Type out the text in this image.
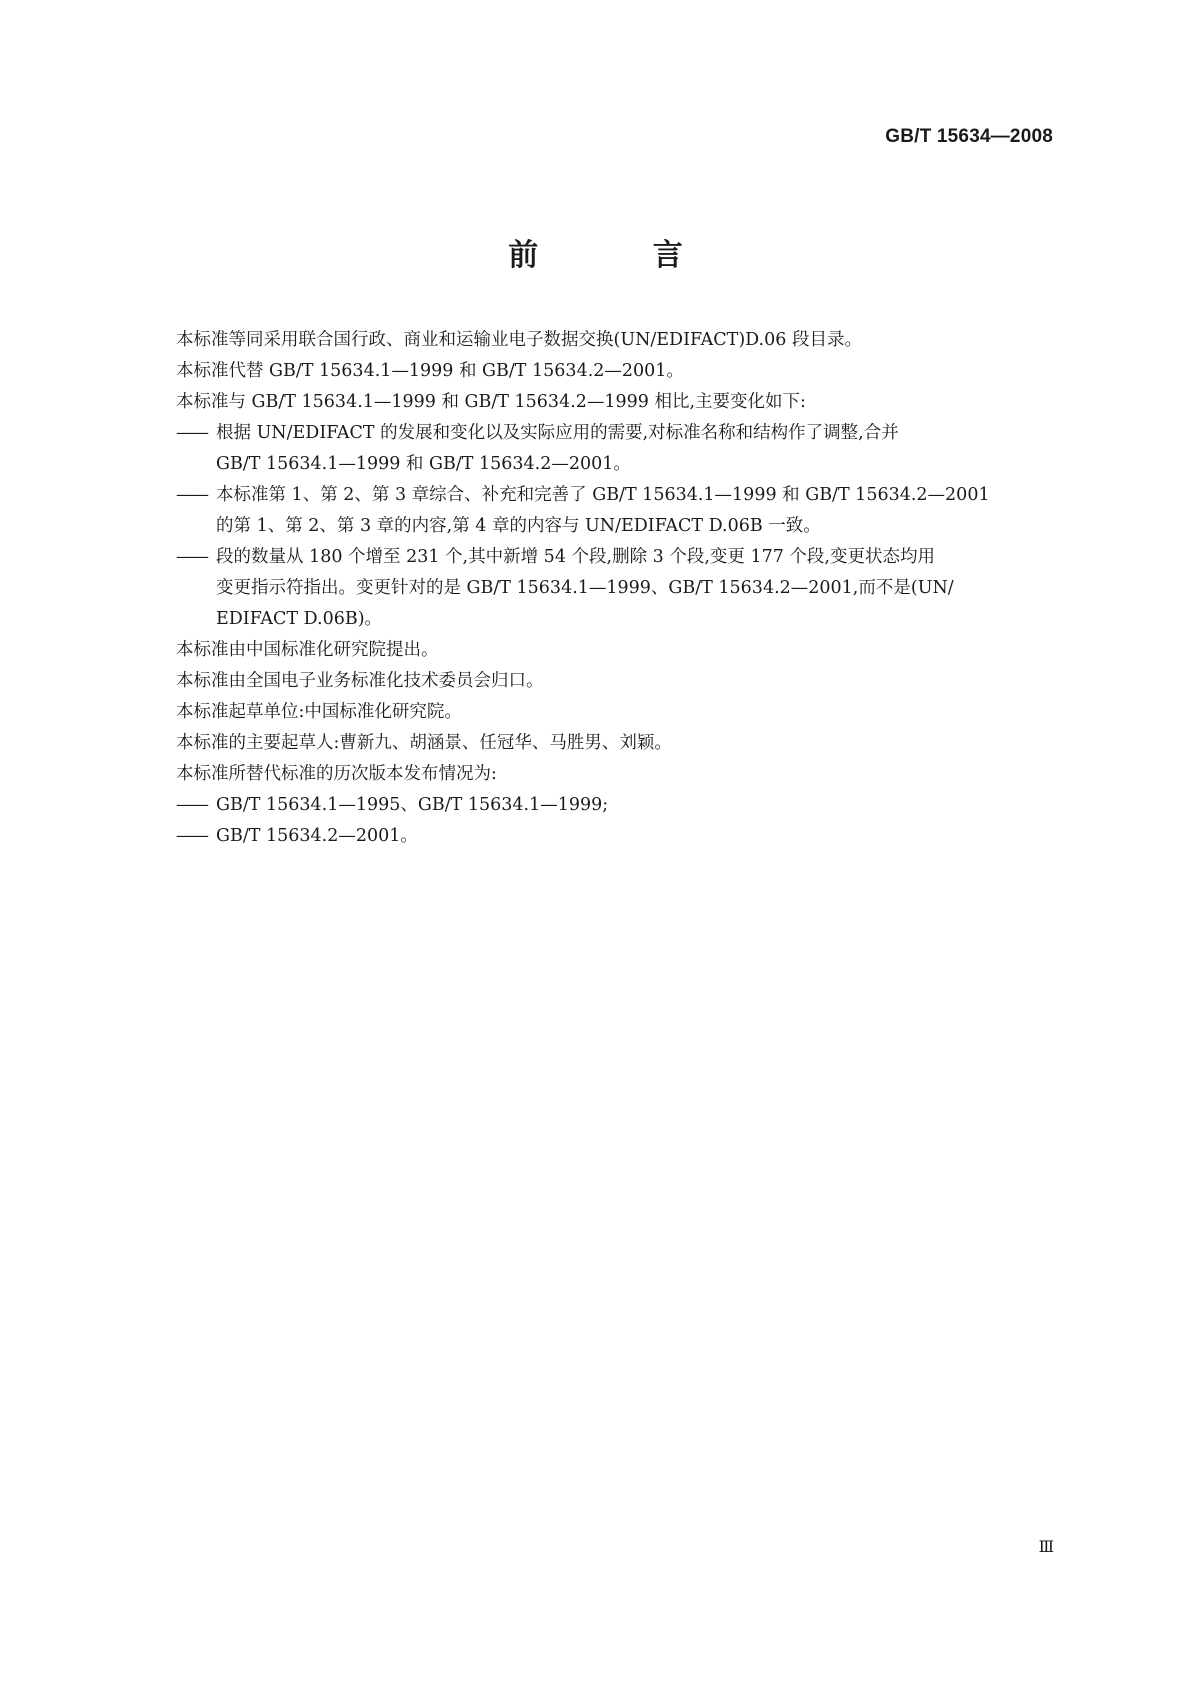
GB/T 15634—2008
前 言

本标准等同采用联合国行政、商业和运输业电子数据交换(UN/EDIFACT)D.06 段目录。

本标准代替 GB/T 15634.1—1999 和 GB/T 15634.2—2001。

本标准与 GB/T 15634.1—1999 和 GB/T 15634.2—1999 相比,主要变化如下:

—— 根据 UN/EDIFACT 的发展和变化以及实际应用的需要,对标准名称和结构作了调整,合并
GB/T 15634.1—1999 和 GB/T 15634.2—2001。
—— 本标准第 1、第 2、第 3 章综合、补充和完善了 GB/T 15634.1—1999 和 GB/T 15634.2—2001
的第 1、第 2、第 3 章的内容,第 4 章的内容与 UN/EDIFACT D.06B 一致。
—— 段的数量从 180 个增至 231 个,其中新增 54 个段,删除 3 个段,变更 177 个段,变更状态均用
变更指示符指出。变更针对的是 GB/T 15634.1—1999、GB/T 15634.2—2001,而不是(UN/
EDIFACT D.06B)。

本标准由中国标准化研究院提出。

本标准由全国电子业务标准化技术委员会归口。

本标准起草单位:中国标准化研究院。

本标准的主要起草人:曹新九、胡涵景、任冠华、马胜男、刘颖。

本标准所替代标准的历次版本发布情况为:

—— GB/T 15634.1—1995、GB/T 15634.1—1999;
—— GB/T 15634.2—2001。
Ⅲ
